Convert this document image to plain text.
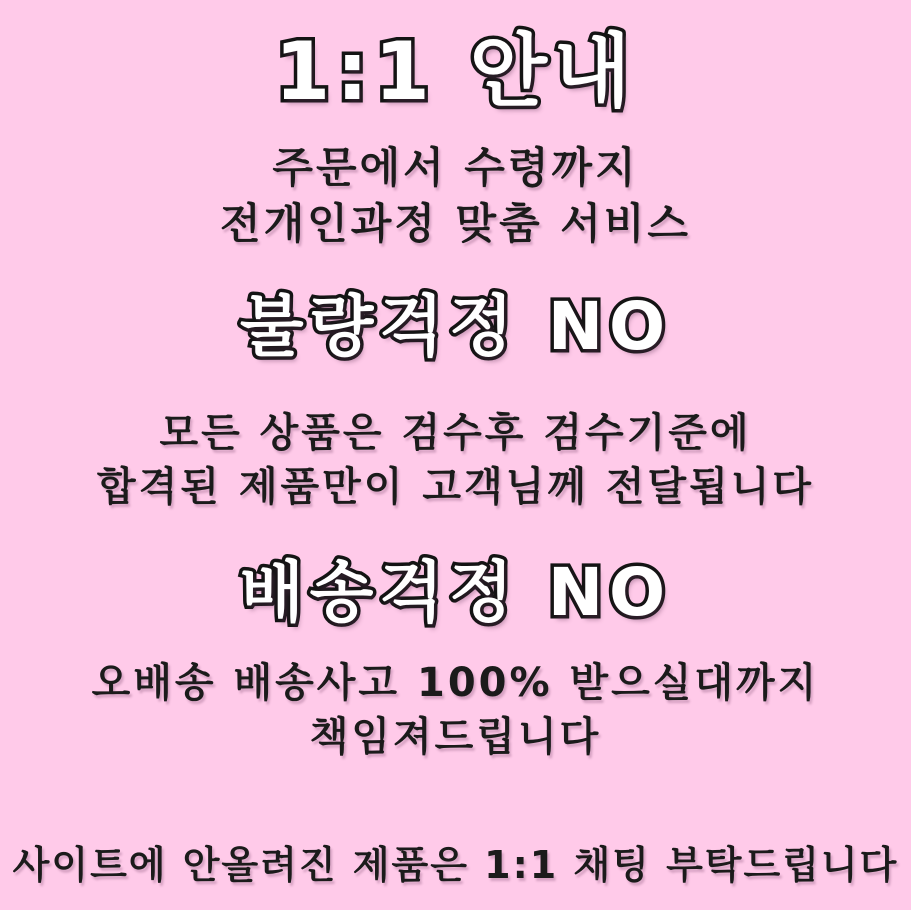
1:1 안내
주문에서 수령까지
전개인과정 맞춤 서비스
불량걱정 NO
모든 상품은 검수후 검수기준에
합격된 제품만이 고객님께 전달됩니다
배송걱정 NO
오배송 배송사고 100% 받으실대까지
책임져드립니다
사이트에 안올려진 제품은 1:1 채팅 부탁드립니다
